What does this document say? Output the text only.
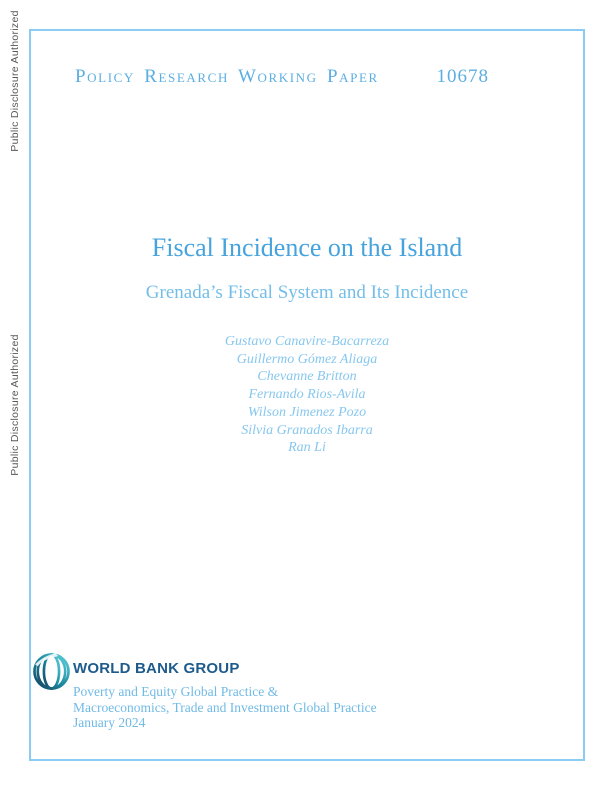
Public Disclosure Authorized
Public Disclosure Authorized
Policy Research Working Paper	10678
Fiscal Incidence on the Island
Grenada’s Fiscal System and Its Incidence
Gustavo Canavire-Bacarreza
Guillermo Gómez Aliaga
Chevanne Britton
Fernando Rios-Avila
Wilson Jimenez Pozo
Silvia Granados Ibarra
Ran Li
WORLD BANK GROUP
Poverty and Equity Global Practice &
Macroeconomics, Trade and Investment Global Practice
January 2024
